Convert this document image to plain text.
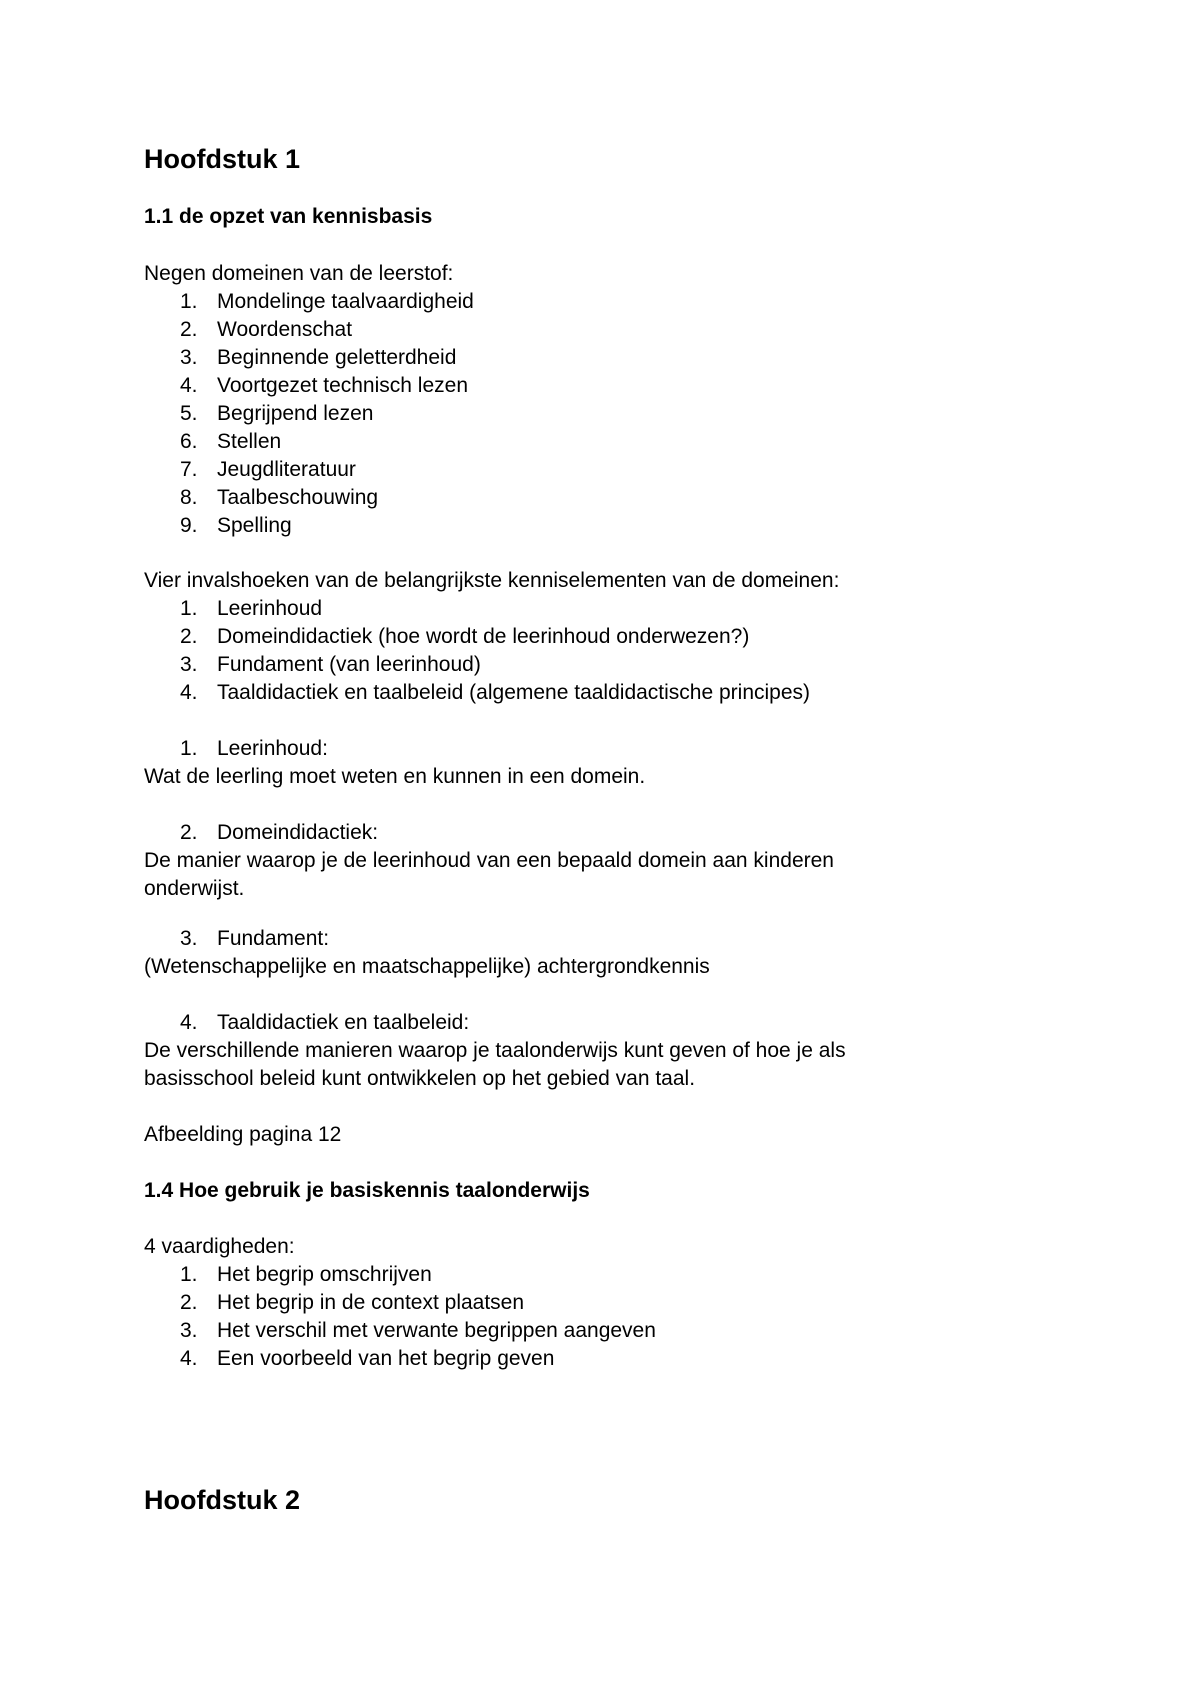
Hoofdstuk 1
1.1 de opzet van kennisbasis

Negen domeinen van de leerstof:

1. Mondelinge taalvaardigheid
2. Woordenschat
3. Beginnende geletterdheid
4. Voortgezet technisch lezen
5. Begrijpend lezen
6. Stellen
7. Jeugdliteratuur
8. Taalbeschouwing
9. Spelling

Vier invalshoeken van de belangrijkste kenniselementen van de domeinen:

1. Leerinhoud
2. Domeindidactiek (hoe wordt de leerinhoud onderwezen?)
3. Fundament (van leerinhoud)
4. Taaldidactiek en taalbeleid (algemene taaldidactische principes)
1. Leerinhoud:

Wat de leerling moet weten en kunnen in een domein.

2. Domeindidactiek:

De manier waarop je de leerinhoud van een bepaald domein aan kinderen

onderwijst.

3. Fundament:

(Wetenschappelijke en maatschappelijke) achtergrondkennis

4. Taaldidactiek en taalbeleid:

De verschillende manieren waarop je taalonderwijs kunt geven of hoe je als

basisschool beleid kunt ontwikkelen op het gebied van taal.

Afbeelding pagina 12

1.4 Hoe gebruik je basiskennis taalonderwijs

4 vaardigheden:

1. Het begrip omschrijven
2. Het begrip in de context plaatsen
3. Het verschil met verwante begrippen aangeven
4. Een voorbeeld van het begrip geven
Hoofdstuk 2
